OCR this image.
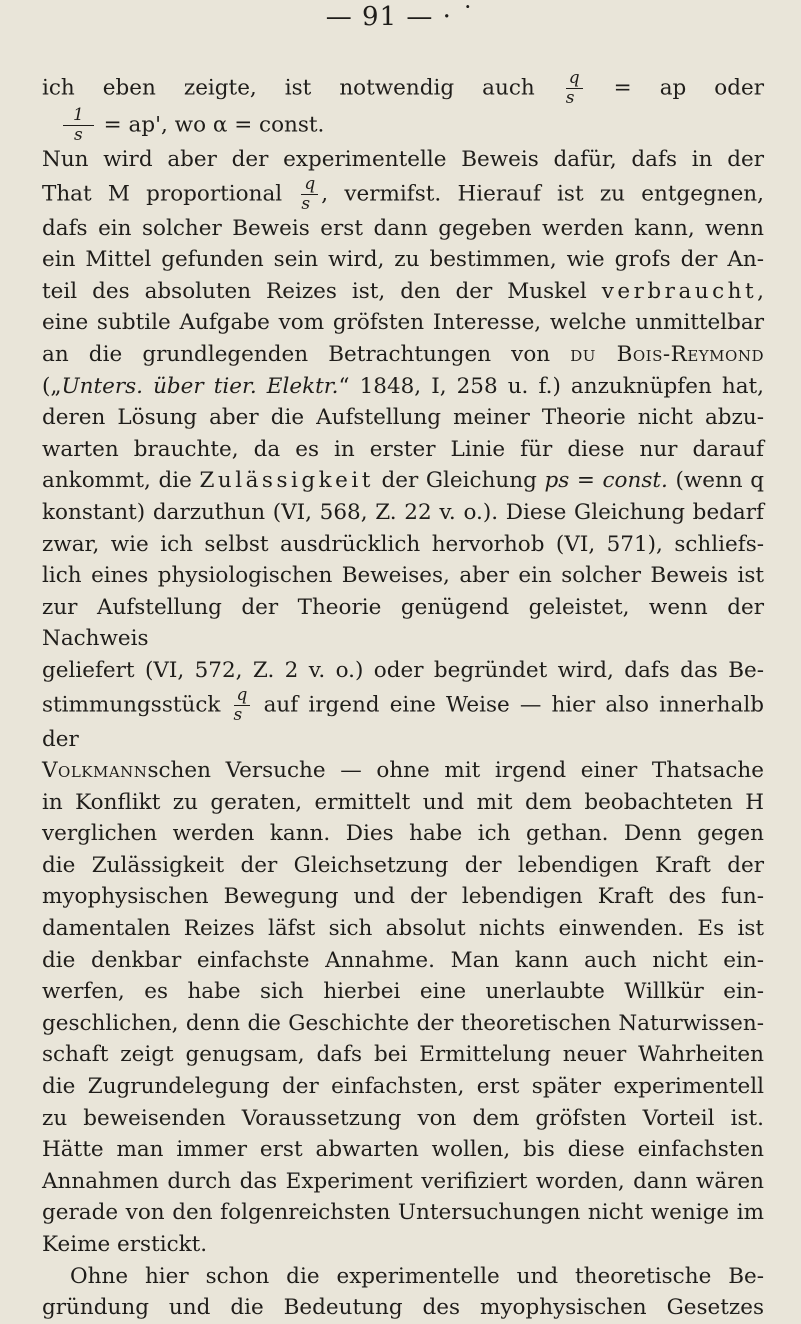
— 91 — · ˙
ich eben zeigte, ist notwendig auch $\frac{q}{s}$ = ap oder
$\frac{1}{s} = ap'$, wo α = const.
Nun wird aber der experimentelle Beweis dafür, dafs in der
That M proportional $\frac{q}{s}$ , vermifst. Hierauf ist zu entgegnen,
dafs ein solcher Beweis erst dann gegeben werden kann, wenn
ein Mittel gefunden sein wird, zu bestimmen, wie grofs der An-
teil des absoluten Reizes ist, den der Muskel verbraucht,
eine subtile Aufgabe vom gröfsten Interesse, welche unmittelbar
an die grundlegenden Betrachtungen von du Bois-Reymond
(„Unters. über tier. Elektr.“ 1848, I, 258 u. f.) anzuknüpfen hat,
deren Lösung aber die Aufstellung meiner Theorie nicht abzu-
warten brauchte, da es in erster Linie für diese nur darauf
ankommt, die Zulässigkeit der Gleichung ps = const. (wenn q
konstant) darzuthun (VI, 568, Z. 22 v. o.). Diese Gleichung bedarf
zwar, wie ich selbst ausdrücklich hervorhob (VI, 571), schliefs-
lich eines physiologischen Beweises, aber ein solcher Beweis ist
zur Aufstellung der Theorie genügend geleistet, wenn der Nachweis
geliefert (VI, 572, Z. 2 v. o.) oder begründet wird, dafs das Be-
stimmungsstück $\frac{q}{s}$ auf irgend eine Weise — hier also innerhalb der
Volkmannschen Versuche — ohne mit irgend einer Thatsache
in Konflikt zu geraten, ermittelt und mit dem beobachteten H
verglichen werden kann. Dies habe ich gethan. Denn gegen
die Zulässigkeit der Gleichsetzung der lebendigen Kraft der
myophysischen Bewegung und der lebendigen Kraft des fun-
damentalen Reizes läfst sich absolut nichts einwenden. Es ist
die denkbar einfachste Annahme. Man kann auch nicht ein-
werfen, es habe sich hierbei eine unerlaubte Willkür ein-
geschlichen, denn die Geschichte der theoretischen Naturwissen-
schaft zeigt genugsam, dafs bei Ermittelung neuer Wahrheiten
die Zugrundelegung der einfachsten, erst später experimentell
zu beweisenden Voraussetzung von dem gröfsten Vorteil ist.
Hätte man immer erst abwarten wollen, bis diese einfachsten
Annahmen durch das Experiment verifiziert worden, dann wären
gerade von den folgenreichsten Untersuchungen nicht wenige im
Keime erstickt.
Ohne hier schon die experimentelle und theoretische Be-
gründung und die Bedeutung des myophysischen Gesetzes
